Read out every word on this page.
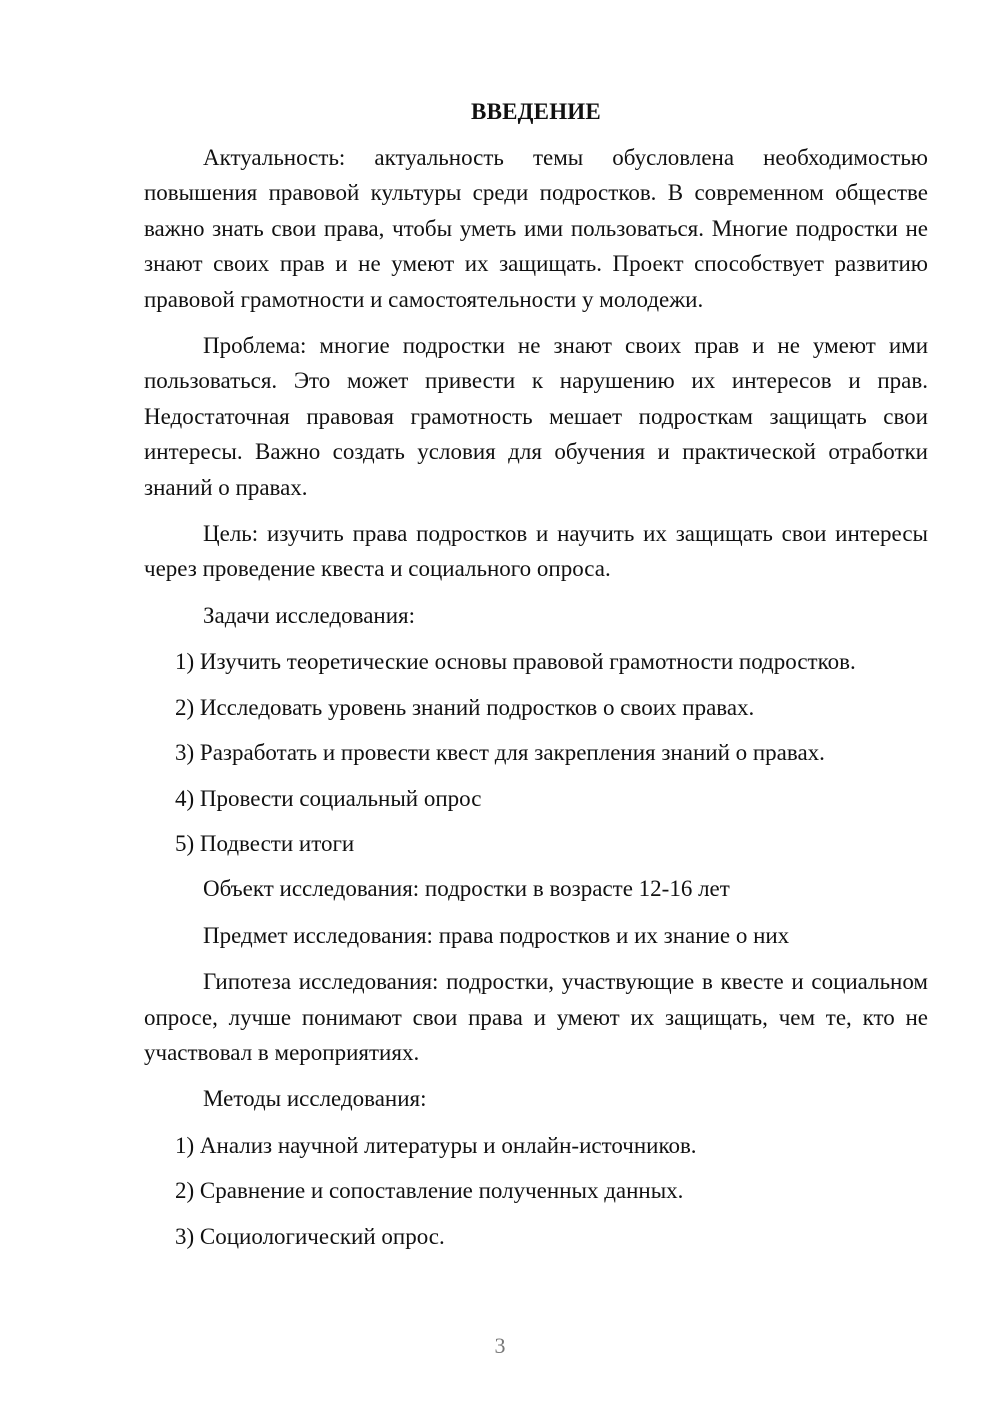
ВВЕДЕНИЕ

Актуальность: актуальность темы обусловлена необходимостью повышения правовой культуры среди подростков. В современном обществе важно знать свои права, чтобы уметь ими пользоваться. Многие подростки не знают своих прав и не умеют их защищать. Проект способствует развитию правовой грамотности и самостоятельности у молодежи.

Проблема: многие подростки не знают своих прав и не умеют ими пользоваться. Это может привести к нарушению их интересов и прав. Недостаточная правовая грамотность мешает подросткам защищать свои интересы. Важно создать условия для обучения и практической отработки знаний о правах.

Цель: изучить права подростков и научить их защищать свои интересы через проведение квеста и социального опроса.

Задачи исследования:

1) Изучить теоретические основы правовой грамотности подростков.
2) Исследовать уровень знаний подростков о своих правах.
3) Разработать и провести квест для закрепления знаний о правах.
4) Провести социальный опрос
5) Подвести итоги

Объект исследования: подростки в возрасте 12-16 лет

Предмет исследования: права подростков и их знание о них

Гипотеза исследования: подростки, участвующие в квесте и социальном опросе, лучше понимают свои права и умеют их защищать, чем те, кто не участвовал в мероприятиях.

Методы исследования:

1) Анализ научной литературы и онлайн-источников.
2) Сравнение и сопоставление полученных данных.
3) Социологический опрос.
3
